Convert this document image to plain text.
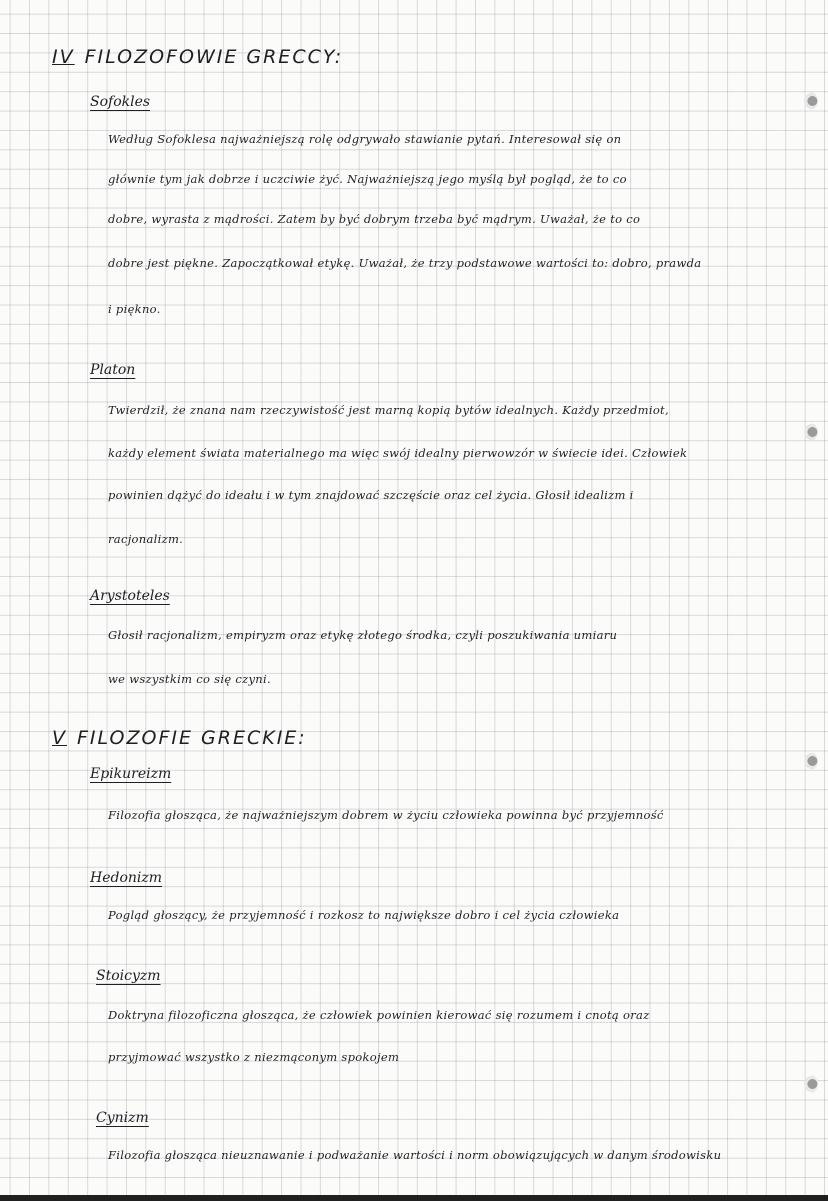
IV FILOZOFOWIE GRECCY:
Sofokles
Według Sofoklesa najważniejszą rolę odgrywało stawianie pytań. Interesował się on
głównie tym jak dobrze i uczciwie żyć. Najważniejszą jego myślą był pogląd, że to co
dobre, wyrasta z mądrości. Zatem by być dobrym trzeba być mądrym. Uważał, że to co
dobre jest piękne. Zapoczątkował etykę. Uważał, że trzy podstawowe wartości to: dobro, prawda
i piękno.
Platon
Twierdził, że znana nam rzeczywistość jest marną kopią bytów idealnych. Każdy przedmiot,
każdy element świata materialnego ma więc swój idealny pierwowzór w świecie idei. Człowiek
powinien dążyć do ideału i w tym znajdować szczęście oraz cel życia. Głosił idealizm i
racjonalizm.
Arystoteles
Głosił racjonalizm, empiryzm oraz etykę złotego środka, czyli poszukiwania umiaru
we wszystkim co się czyni.
V FILOZOFIE GRECKIE:
Epikureizm
Filozofia głosząca, że najważniejszym dobrem w życiu człowieka powinna być przyjemność
Hedonizm
Pogląd głoszący, że przyjemność i rozkosz to największe dobro i cel życia człowieka
Stoicyzm
Doktryna filozoficzna głosząca, że człowiek powinien kierować się rozumem i cnotą oraz
przyjmować wszystko z niezmąconym spokojem
Cynizm
Filozofia głosząca nieuznawanie i podważanie wartości i norm obowiązujących w danym środowisku
